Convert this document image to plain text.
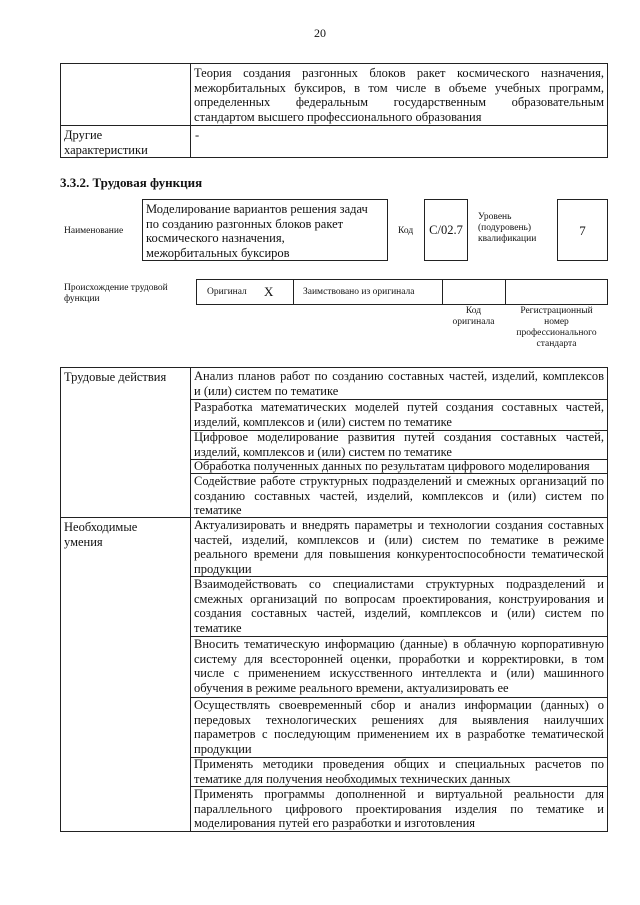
20
Теория создания разгонных блоков ракет космического назначения,
межорбитальных буксиров, в том числе в объеме учебных программ,
определенных федеральным государственным образовательным
стандартом высшего профессионального образования
Другие
характеристики
-
3.3.2. Трудовая функция
Наименование
Моделирование вариантов решения задач
по созданию разгонных блоков ракет
космического назначения,
межорбитальных буксиров
Код	С/02.7
Уровень
(подуровень)
квалификации
7
Происхождение трудовой
функции
Оригинал X	Заимствовано из оригинала
Код
оригинала
Регистрационный
номер
профессионального
стандарта
Трудовые действия
Необходимые
умения
Анализ планов работ по созданию составных частей, изделий, комплексов
и (или) систем по тематике
Разработка математических моделей путей создания составных частей,
изделий, комплексов и (или) систем по тематике
Цифровое моделирование развития путей создания составных частей,
изделий, комплексов и (или) систем по тематике
Обработка полученных данных по результатам цифрового моделирования
Содействие работе структурных подразделений и смежных организаций по
созданию составных частей, изделий, комплексов и (или) систем по
тематике
Актуализировать и внедрять параметры и технологии создания составных
частей, изделий, комплексов и (или) систем по тематике в режиме
реального времени для повышения конкурентоспособности тематической
продукции
Взаимодействовать со специалистами структурных подразделений и
смежных организаций по вопросам проектирования, конструирования и
создания составных частей, изделий, комплексов и (или) систем по
тематике
Вносить тематическую информацию (данные) в облачную корпоративную
систему для всесторонней оценки, проработки и корректировки, в том
числе с применением искусственного интеллекта и (или) машинного
обучения в режиме реального времени, актуализировать ее
Осуществлять своевременный сбор и анализ информации (данных) о
передовых технологических решениях для выявления наилучших
параметров с последующим применением их в разработке тематической
продукции
Применять методики проведения общих и специальных расчетов по
тематике для получения необходимых технических данных
Применять программы дополненной и виртуальной реальности для
параллельного цифрового проектирования изделия по тематике и
моделирования путей его разработки и изготовления
